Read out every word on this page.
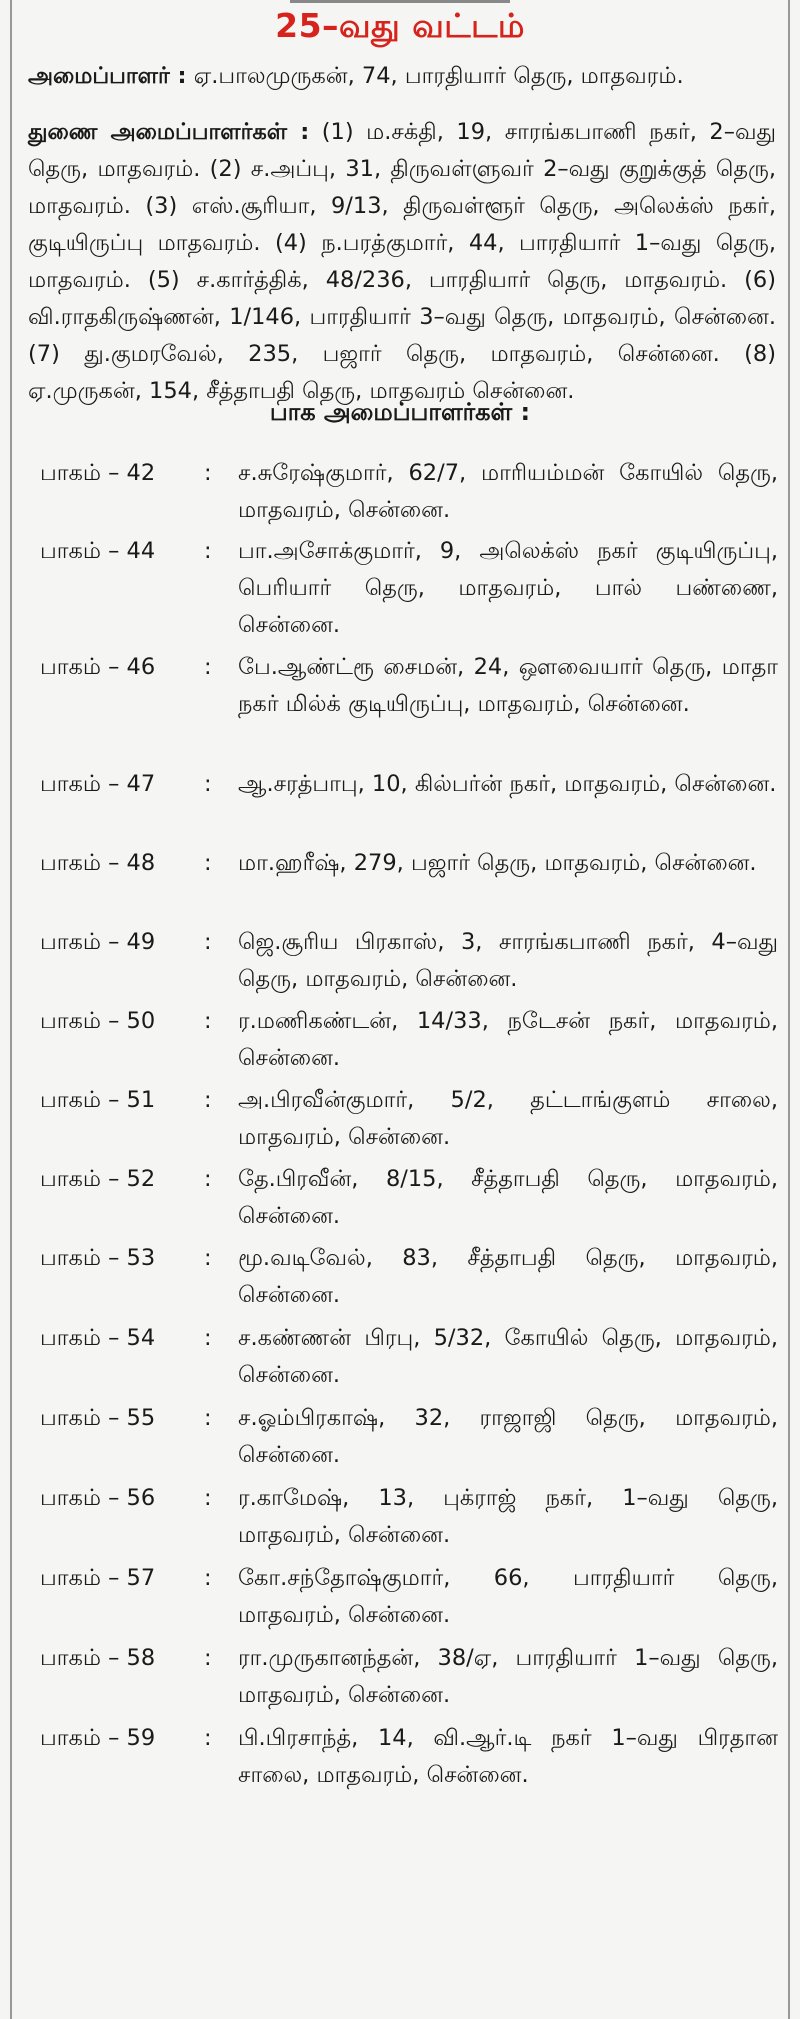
25–வது வட்டம்
அமைப்பாளர் : ஏ.பாலமுருகன், 74, பாரதியார் தெரு, மாதவரம்.
துணை அமைப்பாளர்கள் : (1) ம.சக்தி, 19, சாரங்கபாணி நகர், 2–வது தெரு, மாதவரம். (2) ச.அப்பு, 31, திருவள்ளுவர் 2–வது குறுக்குத் தெரு, மாதவரம். (3) எஸ்.சூரியா, 9/13, திருவள்ளூர் தெரு, அலெக்ஸ் நகர், குடியிருப்பு மாதவரம். (4) ந.பரத்குமார், 44, பாரதியார் 1–வது தெரு, மாதவரம். (5) ச.கார்த்திக், 48/236, பாரதியார் தெரு, மாதவரம். (6) வி.ராதகிருஷ்ணன், 1/146, பாரதியார் 3–வது தெரு, மாதவரம், சென்னை. (7) து.குமரவேல், 235, பஜார் தெரு, மாதவரம், சென்னை. (8) ஏ.முருகன், 154, சீத்தாபதி தெரு, மாதவரம் சென்னை.
பாக அமைப்பாளர்கள் :
பாகம் – 42	: ச.சுரேஷ்குமார், 62/7, மாரியம்மன் கோயில் தெரு, மாதவரம், சென்னை.
பாகம் – 44	: பா.அசோக்குமார், 9, அலெக்ஸ் நகர் குடியிருப்பு, பெரியார் தெரு, மாதவரம், பால் பண்ணை, சென்னை.
பாகம் – 46	: பே.ஆண்ட்ரூ சைமன், 24, ஔவையார் தெரு, மாதா நகர் மில்க் குடியிருப்பு, மாதவரம், சென்னை.
பாகம் – 47	: ஆ.சரத்பாபு, 10, கில்பர்ன் நகர், மாதவரம், சென்னை.
பாகம் – 48	: மா.ஹரீஷ், 279, பஜார் தெரு, மாதவரம், சென்னை.
பாகம் – 49	: ஜெ.சூரிய பிரகாஸ், 3, சாரங்கபாணி நகர், 4–வது தெரு, மாதவரம், சென்னை.
பாகம் – 50	: ர.மணிகண்டன், 14/33, நடேசன் நகர், மாதவரம், சென்னை.
பாகம் – 51	: அ.பிரவீன்குமார், 5/2, தட்டாங்குளம் சாலை, மாதவரம், சென்னை.
பாகம் – 52	: தே.பிரவீன், 8/15, சீத்தாபதி தெரு, மாதவரம், சென்னை.
பாகம் – 53	: மூ.வடிவேல், 83, சீத்தாபதி தெரு, மாதவரம், சென்னை.
பாகம் – 54	: ச.கண்ணன் பிரபு, 5/32, கோயில் தெரு, மாதவரம், சென்னை.
பாகம் – 55	: ச.ஓம்பிரகாஷ், 32, ராஜாஜி தெரு, மாதவரம், சென்னை.
பாகம் – 56	: ர.காமேஷ், 13, புக்ராஜ் நகர், 1–வது தெரு, மாதவரம், சென்னை.
பாகம் – 57	: கோ.சந்தோஷ்குமார், 66, பாரதியார் தெரு, மாதவரம், சென்னை.
பாகம் – 58	: ரா.முருகானந்தன், 38/ஏ, பாரதியார் 1–வது தெரு, மாதவரம், சென்னை.
பாகம் – 59	: பி.பிரசாந்த், 14, வி.ஆர்.டி நகர் 1–வது பிரதான சாலை, மாதவரம், சென்னை.
